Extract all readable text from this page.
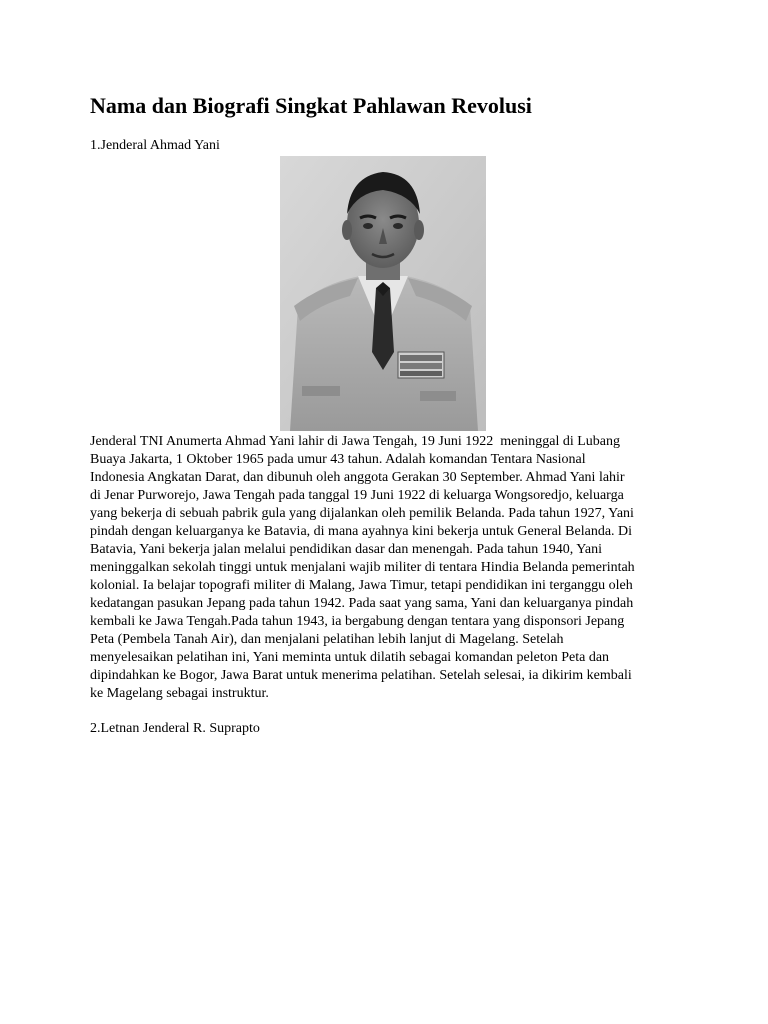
Nama dan Biografi Singkat Pahlawan Revolusi

1.Jenderal Ahmad Yani

Jenderal TNI Anumerta Ahmad Yani lahir di Jawa Tengah, 19 Juni 1922  meninggal di Lubang
Buaya Jakarta, 1 Oktober 1965 pada umur 43 tahun. Adalah komandan Tentara Nasional
Indonesia Angkatan Darat, dan dibunuh oleh anggota Gerakan 30 September. Ahmad Yani lahir
di Jenar Purworejo, Jawa Tengah pada tanggal 19 Juni 1922 di keluarga Wongsoredjo, keluarga
yang bekerja di sebuah pabrik gula yang dijalankan oleh pemilik Belanda. Pada tahun 1927, Yani
pindah dengan keluarganya ke Batavia, di mana ayahnya kini bekerja untuk General Belanda. Di
Batavia, Yani bekerja jalan melalui pendidikan dasar dan menengah. Pada tahun 1940, Yani
meninggalkan sekolah tinggi untuk menjalani wajib militer di tentara Hindia Belanda pemerintah
kolonial. Ia belajar topografi militer di Malang, Jawa Timur, tetapi pendidikan ini terganggu oleh
kedatangan pasukan Jepang pada tahun 1942. Pada saat yang sama, Yani dan keluarganya pindah
kembali ke Jawa Tengah.Pada tahun 1943, ia bergabung dengan tentara yang disponsori Jepang
Peta (Pembela Tanah Air), dan menjalani pelatihan lebih lanjut di Magelang. Setelah
menyelesaikan pelatihan ini, Yani meminta untuk dilatih sebagai komandan peleton Peta dan
dipindahkan ke Bogor, Jawa Barat untuk menerima pelatihan. Setelah selesai, ia dikirim kembali
ke Magelang sebagai instruktur.

2.Letnan Jenderal R. Suprapto
